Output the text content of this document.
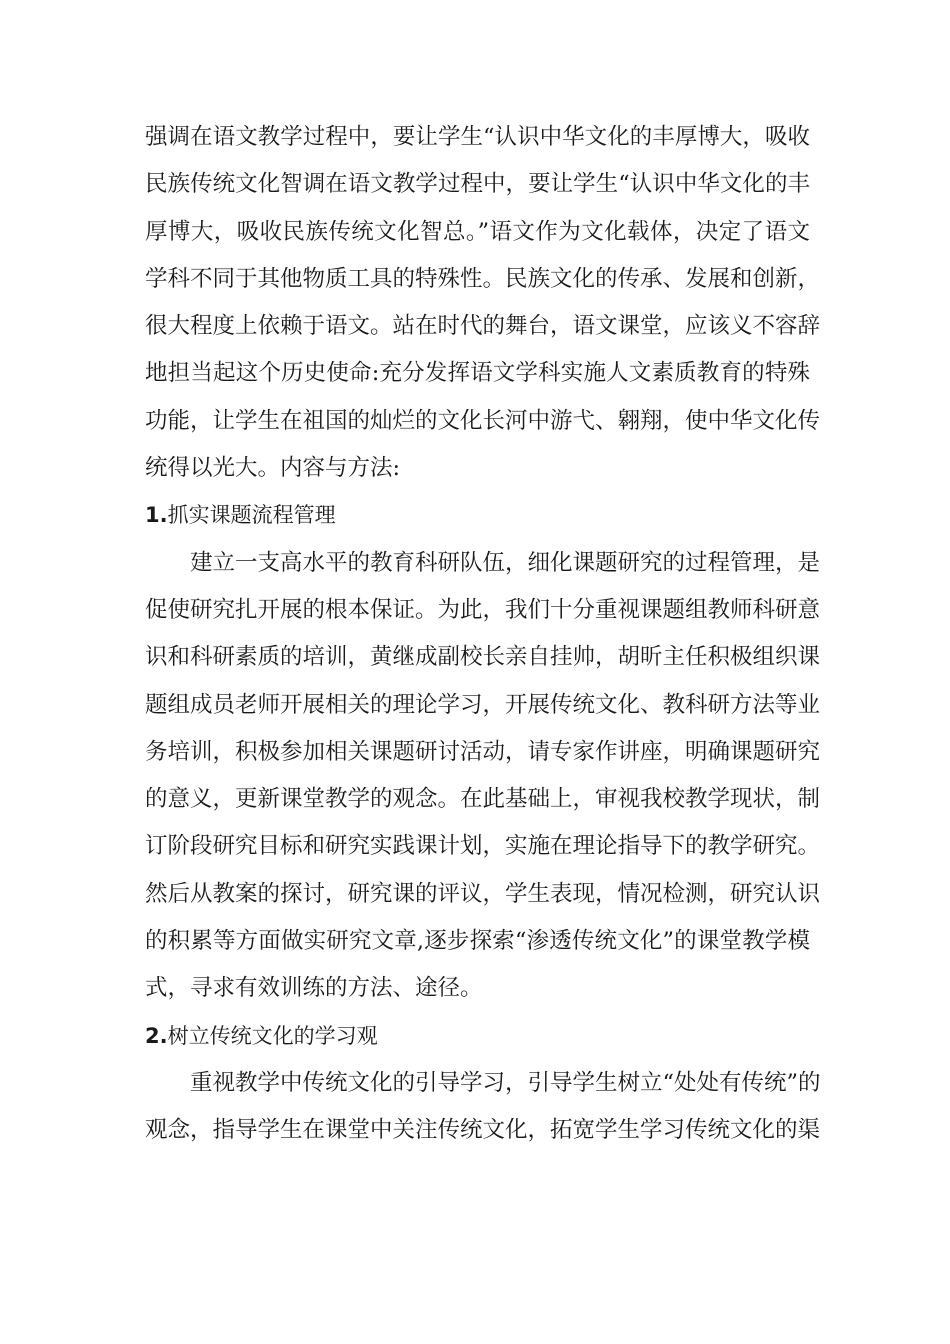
强调在语文教学过程中，要让学生“认识中华文化的丰厚博大，吸收
民族传统文化智调在语文教学过程中，要让学生“认识中华文化的丰
厚博大，吸收民族传统文化智总。”语文作为文化载体，决定了语文
学科不同于其他物质工具的特殊性。民族文化的传承、发展和创新，
很大程度上依赖于语文。站在时代的舞台，语文课堂，应该义不容辞
地担当起这个历史使命:充分发挥语文学科实施人文素质教育的特殊
功能，让学生在祖国的灿烂的文化长河中游弋、翱翔，使中华文化传
统得以光大。内容与方法:
1.抓实课题流程管理
建立一支高水平的教育科研队伍，细化课题研究的过程管理，是
促使研究扎开展的根本保证。为此，我们十分重视课题组教师科研意
识和科研素质的培训，黄继成副校长亲自挂帅，胡昕主任积极组织课
题组成员老师开展相关的理论学习，开展传统文化、教科研方法等业
务培训，积极参加相关课题研讨活动，请专家作讲座，明确课题研究
的意义，更新课堂教学的观念。在此基础上，审视我校教学现状，制
订阶段研究目标和研究实践课计划，实施在理论指导下的教学研究。
然后从教案的探讨，研究课的评议，学生表现，情况检测，研究认识
的积累等方面做实研究文章,逐步探索“渗透传统文化”的课堂教学模
式，寻求有效训练的方法、途径。
2.树立传统文化的学习观
重视教学中传统文化的引导学习，引导学生树立“处处有传统”的
观念，指导学生在课堂中关注传统文化，拓宽学生学习传统文化的渠
